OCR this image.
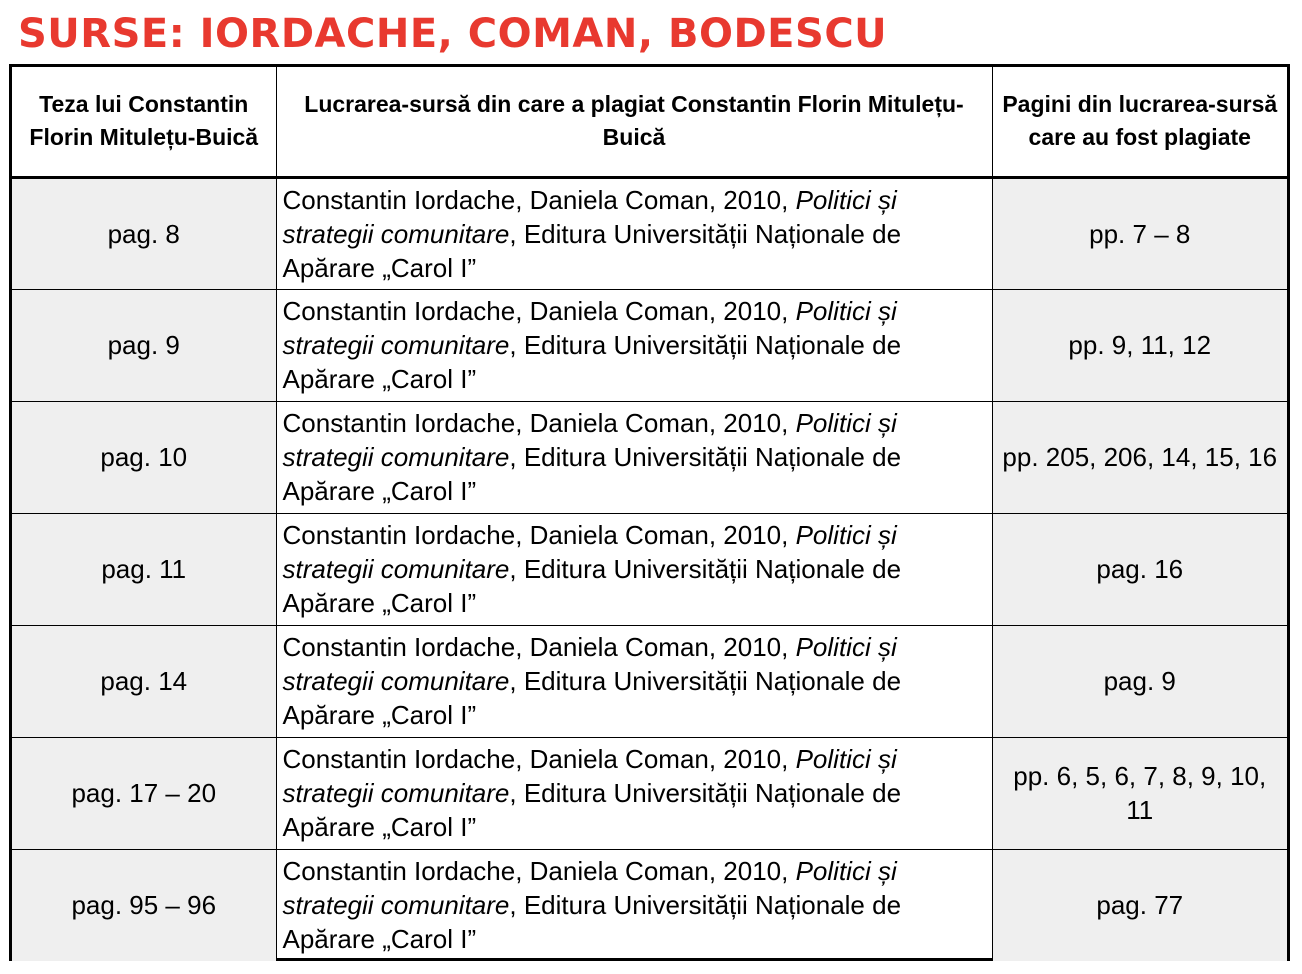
SURSE: IORDACHE, COMAN, BODESCU
Teza lui Constantin Florin Mitulețu-Buică	Lucrarea-sursă din care a plagiat Constantin Florin Mitulețu-Buică	Pagini din lucrarea-sursă care au fost plagiate
pag. 8	Constantin Iordache, Daniela Coman, 2010, Politici și strategii comunitare, Editura Universității Naționale de Apărare „Carol I”	pp. 7 – 8
pag. 9	Constantin Iordache, Daniela Coman, 2010, Politici și strategii comunitare, Editura Universității Naționale de Apărare „Carol I”	pp. 9, 11, 12
pag. 10	Constantin Iordache, Daniela Coman, 2010, Politici și strategii comunitare, Editura Universității Naționale de Apărare „Carol I”	pp. 205, 206, 14, 15, 16
pag. 11	Constantin Iordache, Daniela Coman, 2010, Politici și strategii comunitare, Editura Universității Naționale de Apărare „Carol I”	pag. 16
pag. 14	Constantin Iordache, Daniela Coman, 2010, Politici și strategii comunitare, Editura Universității Naționale de Apărare „Carol I”	pag. 9
pag. 17 – 20	Constantin Iordache, Daniela Coman, 2010, Politici și strategii comunitare, Editura Universității Naționale de Apărare „Carol I”	pp. 6, 5, 6, 7, 8, 9, 10, 11
pag. 95 – 96	Constantin Iordache, Daniela Coman, 2010, Politici și strategii comunitare, Editura Universității Naționale de Apărare „Carol I”	pag. 77
